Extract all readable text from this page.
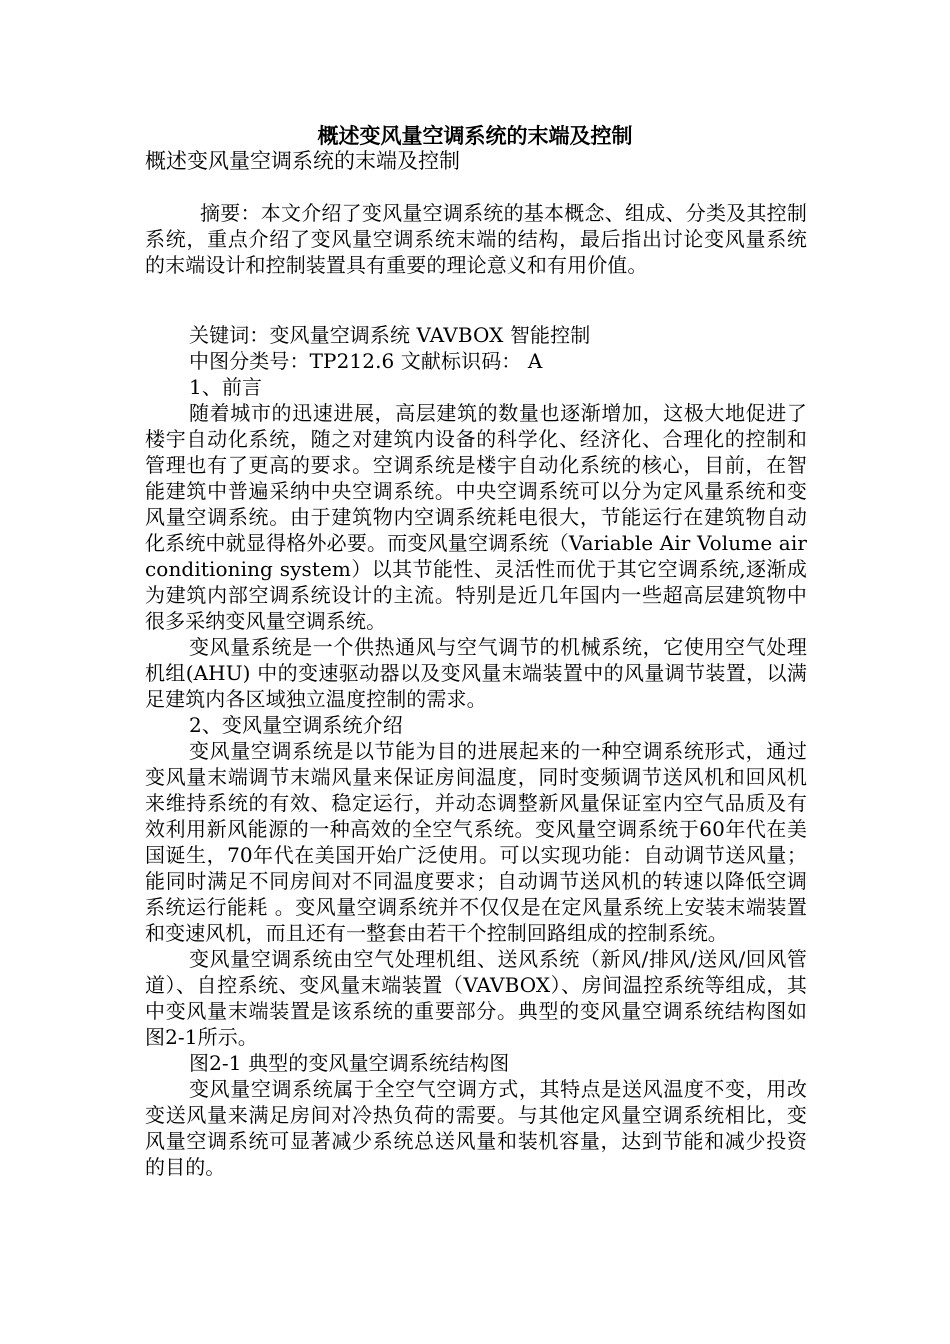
概述变风量空调系统的末端及控制
概述变风量空调系统的末端及控制

摘要：本文介绍了变风量空调系统的基本概念、组成、分类及其控制系统，重点介绍了变风量空调系统末端的结构，最后指出讨论变风量系统的末端设计和控制装置具有重要的理论意义和有用价值。

关键词：变风量空调系统 VAVBOX 智能控制

中图分类号：TP212.6 文献标识码： A

1、前言

随着城市的迅速进展，高层建筑的数量也逐渐增加，这极大地促进了楼宇自动化系统，随之对建筑内设备的科学化、经济化、合理化的控制和管理也有了更高的要求。空调系统是楼宇自动化系统的核心，目前，在智能建筑中普遍采纳中央空调系统。中央空调系统可以分为定风量系统和变风量空调系统。由于建筑物内空调系统耗电很大，节能运行在建筑物自动化系统中就显得格外必要。而变风量空调系统（Variable Air Volume air conditioning system）以其节能性、灵活性而优于其它空调系统,逐渐成为建筑内部空调系统设计的主流。特别是近几年国内一些超高层建筑物中很多采纳变风量空调系统。

变风量系统是一个供热通风与空气调节的机械系统，它使用空气处理机组(AHU) 中的变速驱动器以及变风量末端装置中的风量调节装置，以满足建筑内各区域独立温度控制的需求。

2、变风量空调系统介绍

变风量空调系统是以节能为目的进展起来的一种空调系统形式，通过变风量末端调节末端风量来保证房间温度，同时变频调节送风机和回风机来维持系统的有效、稳定运行，并动态调整新风量保证室内空气品质及有效利用新风能源的一种高效的全空气系统。变风量空调系统于60年代在美国诞生，70年代在美国开始广泛使用。可以实现功能：自动调节送风量；能同时满足不同房间对不同温度要求；自动调节送风机的转速以降低空调系统运行能耗 。变风量空调系统并不仅仅是在定风量系统上安装末端装置和变速风机，而且还有一整套由若干个控制回路组成的控制系统。

变风量空调系统由空气处理机组、送风系统（新风/排风/送风/回风管道）、自控系统、变风量末端装置（VAVBOX）、房间温控系统等组成，其中变风量末端装置是该系统的重要部分。典型的变风量空调系统结构图如图2-1所示。

图2-1 典型的变风量空调系统结构图

变风量空调系统属于全空气空调方式，其特点是送风温度不变，用改变送风量来满足房间对冷热负荷的需要。与其他定风量空调系统相比，变风量空调系统可显著减少系统总送风量和装机容量，达到节能和减少投资的目的。
